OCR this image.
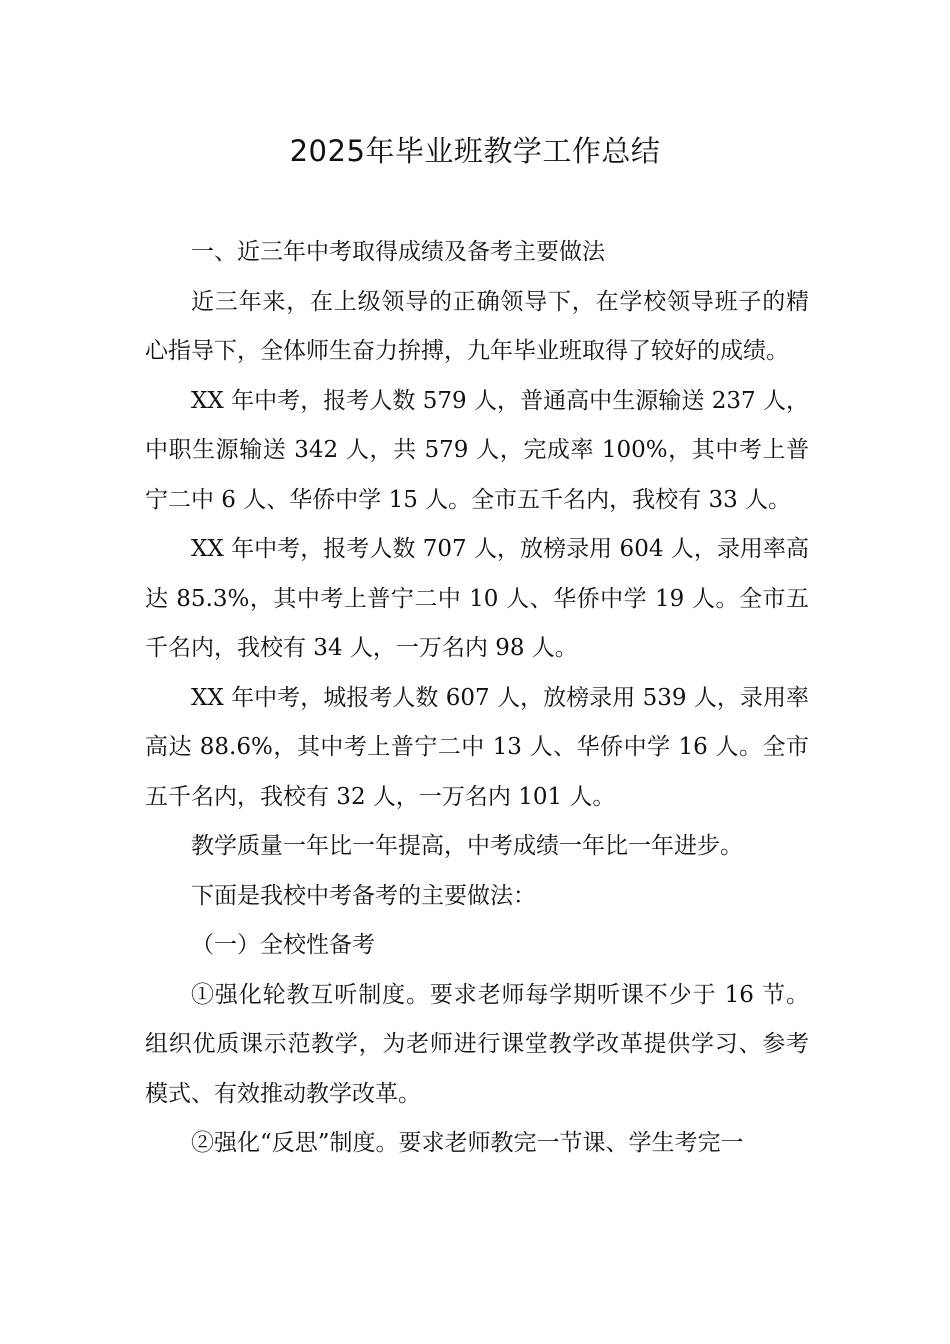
2025年毕业班教学工作总结

一、近三年中考取得成绩及备考主要做法

近三年来，在上级领导的正确领导下，在学校领导班子的精心指导下，全体师生奋力拚搏，九年毕业班取得了较好的成绩。

XX 年中考，报考人数 579 人，普通高中生源输送 237 人，中职生源输送 342 人，共 579 人，完成率 100%，其中考上普宁二中 6 人、华侨中学 15 人。全市五千名内，我校有 33 人。

XX 年中考，报考人数 707 人，放榜录用 604 人，录用率高达 85.3%，其中考上普宁二中 10 人、华侨中学 19 人。全市五千名内，我校有 34 人，一万名内 98 人。

XX 年中考，城报考人数 607 人，放榜录用 539 人，录用率高达 88.6%，其中考上普宁二中 13 人、华侨中学 16 人。全市五千名内，我校有 32 人，一万名内 101 人。

教学质量一年比一年提高，中考成绩一年比一年进步。

下面是我校中考备考的主要做法：

（一）全校性备考

①强化轮教互听制度。要求老师每学期听课不少于 16 节。组织优质课示范教学，为老师进行课堂教学改革提供学习、参考模式、有效推动教学改革。

②强化“反思”制度。要求老师教完一节课、学生考完一
